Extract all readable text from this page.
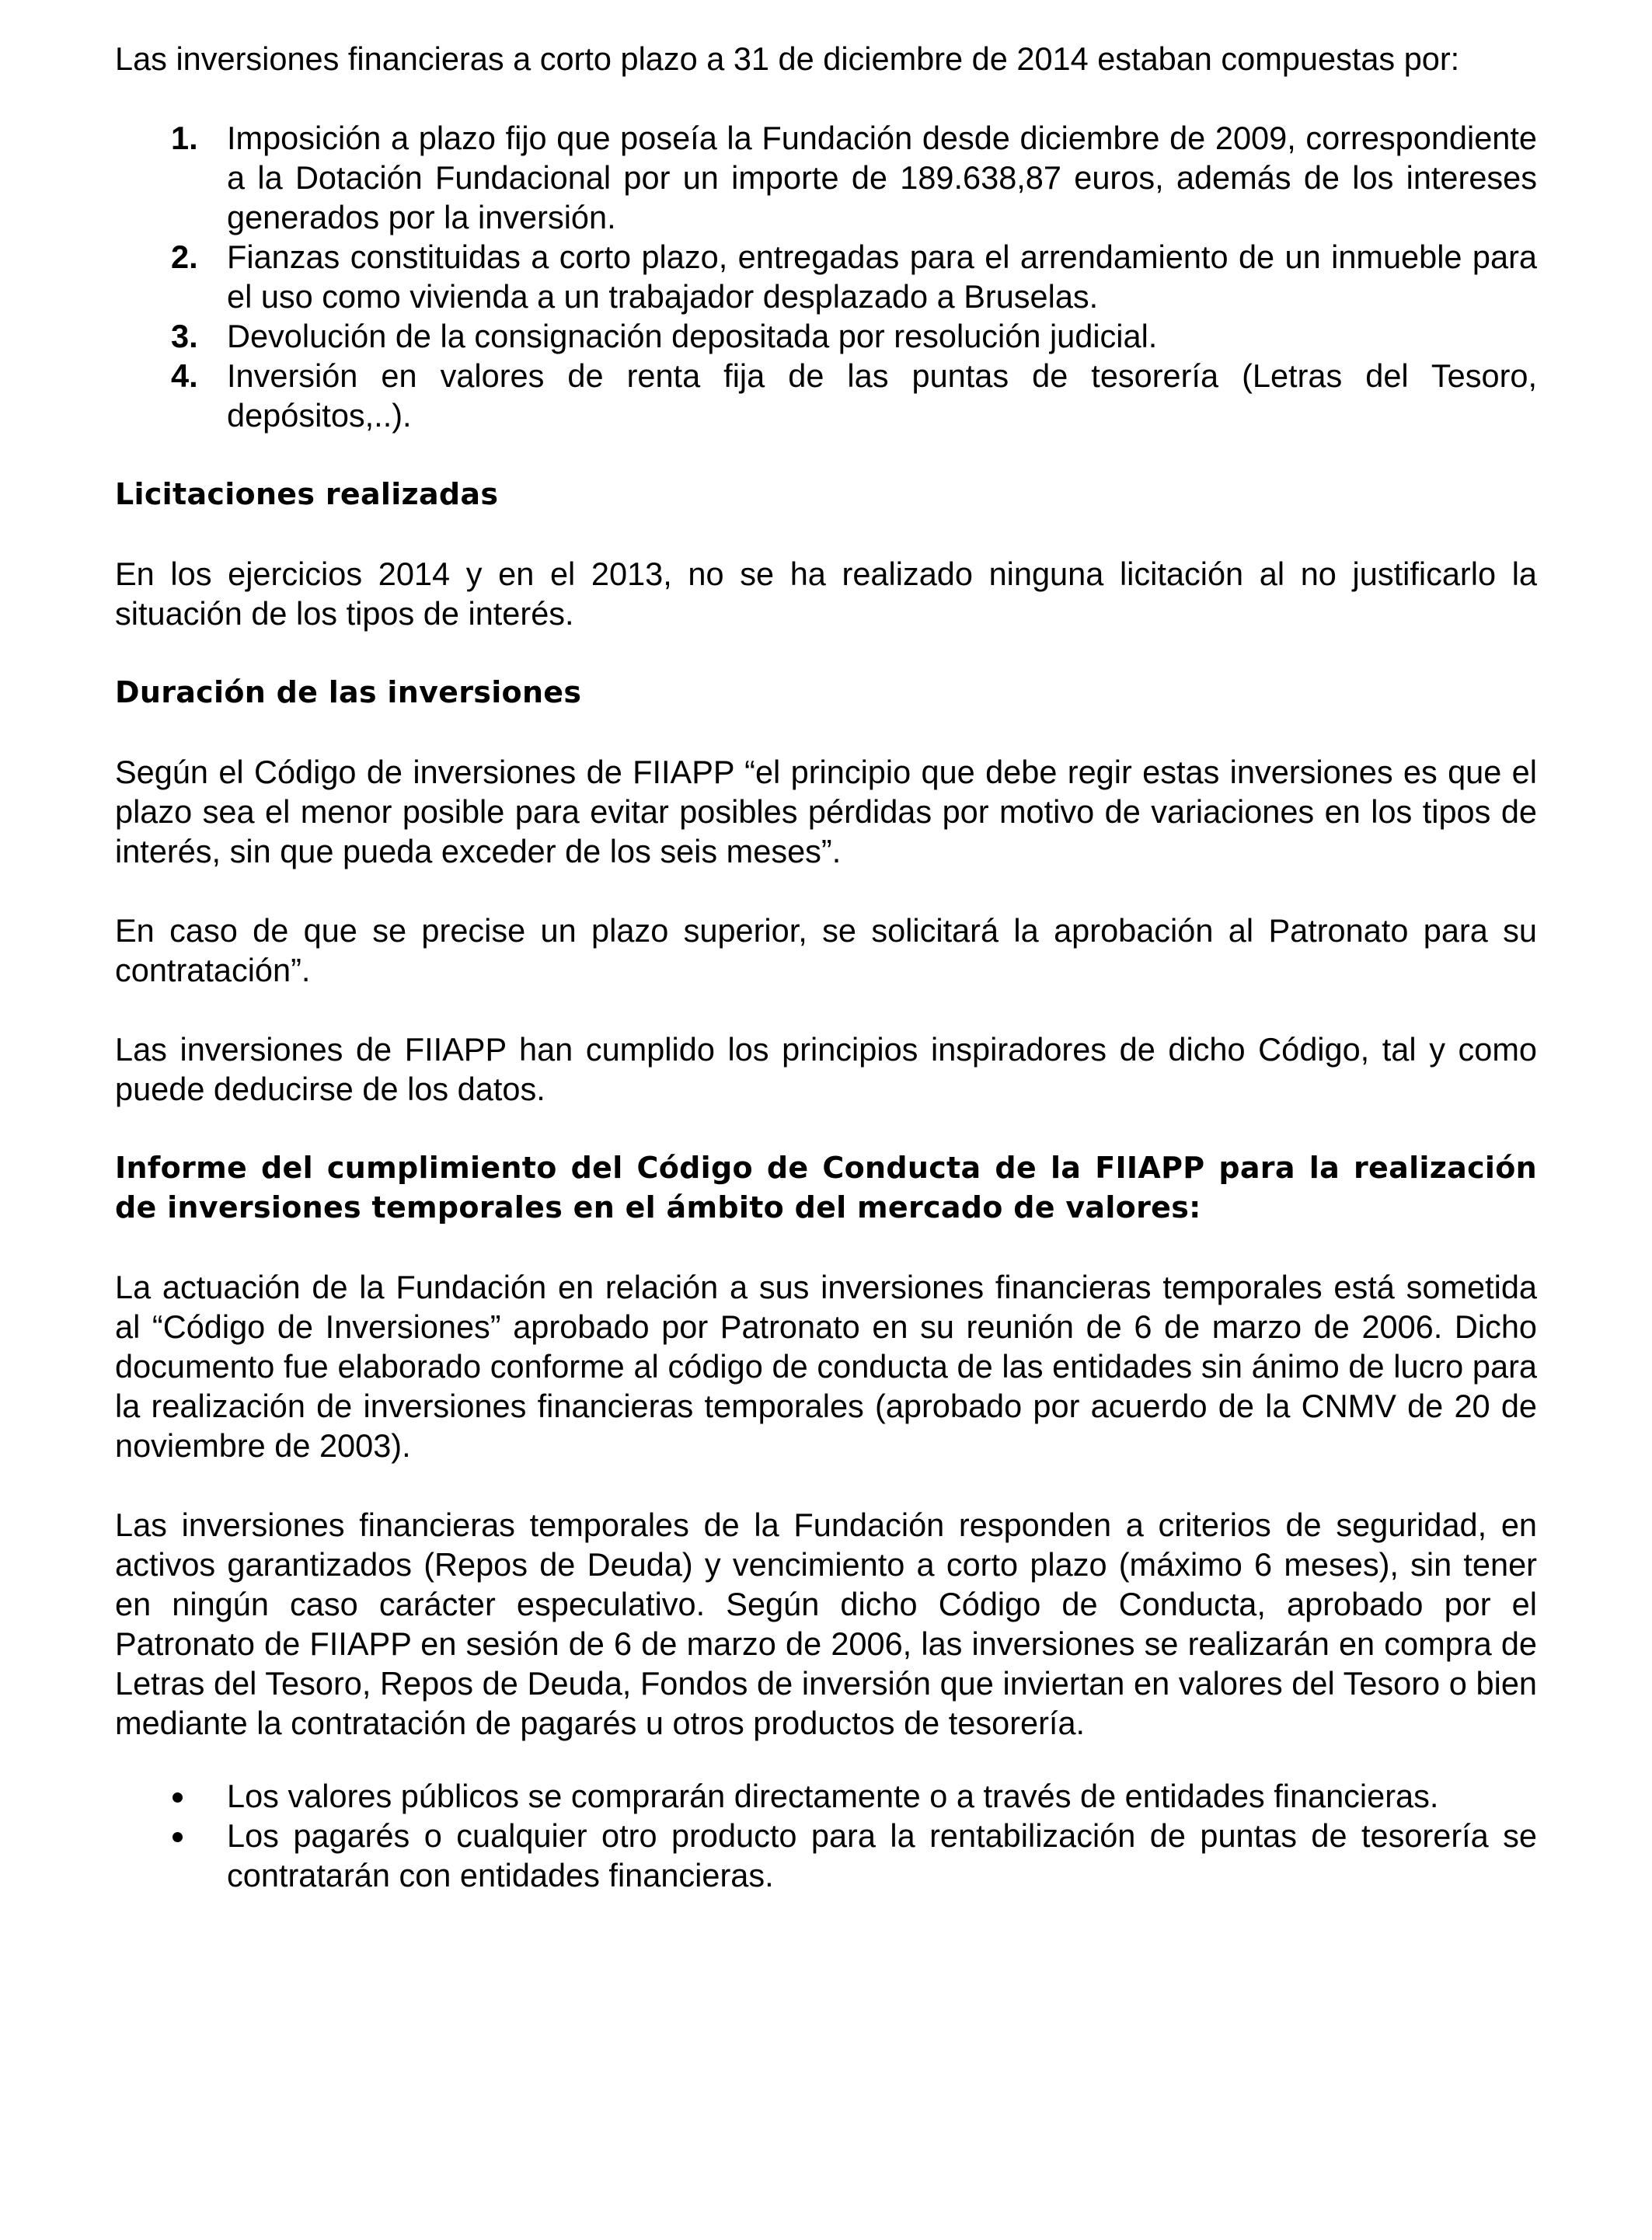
Las inversiones financieras a corto plazo a 31 de diciembre de 2014 estaban compuestas por:

1. Imposición a plazo fijo que poseía la Fundación desde diciembre de 2009, correspondiente a la Dotación Fundacional por un importe de 189.638,87 euros, además de los intereses generados por la inversión.
2. Fianzas constituidas a corto plazo, entregadas para el arrendamiento de un inmueble para el uso como vivienda a un trabajador desplazado a Bruselas.
3. Devolución de la consignación depositada por resolución judicial.
4. Inversión en valores de renta fija de las puntas de tesorería (Letras del Tesoro, depósitos,..).
Licitaciones realizadas

En los ejercicios 2014 y en el 2013, no se ha realizado ninguna licitación al no justificarlo la situación de los tipos de interés.

Duración de las inversiones

Según el Código de inversiones de FIIAPP “el principio que debe regir estas inversiones es que el plazo sea el menor posible para evitar posibles pérdidas por motivo de variaciones en los tipos de interés, sin que pueda exceder de los seis meses”.

En caso de que se precise un plazo superior, se solicitará la aprobación al Patronato para su contratación”.

Las inversiones de FIIAPP han cumplido los principios inspiradores de dicho Código, tal y como puede deducirse de los datos.

Informe del cumplimiento del Código de Conducta de la FIIAPP para la realización de inversiones temporales en el ámbito del mercado de valores:

La actuación de la Fundación en relación a sus inversiones financieras temporales está sometida al “Código de Inversiones” aprobado por Patronato en su reunión de 6 de marzo de 2006. Dicho documento fue elaborado conforme al código de conducta de las entidades sin ánimo de lucro para la realización de inversiones financieras temporales (aprobado por acuerdo de la CNMV de 20 de noviembre de 2003).

Las inversiones financieras temporales de la Fundación responden a criterios de seguridad, en activos garantizados (Repos de Deuda) y vencimiento a corto plazo (máximo 6 meses), sin tener en ningún caso carácter especulativo. Según dicho Código de Conducta, aprobado por el Patronato de FIIAPP en sesión de 6 de marzo de 2006, las inversiones se realizarán en compra de Letras del Tesoro, Repos de Deuda, Fondos de inversión que inviertan en valores del Tesoro o bien mediante la contratación de pagarés u otros productos de tesorería.

Los valores públicos se comprarán directamente o a través de entidades financieras.
Los pagarés o cualquier otro producto para la rentabilización de puntas de tesorería se contratarán con entidades financieras.
